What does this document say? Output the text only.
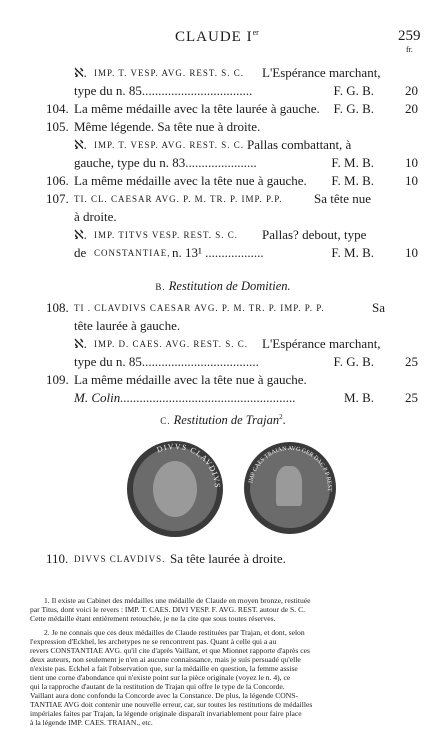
CLAUDE Ier	259
fr.
ℵ. IMP. T. VESP. AVG. REST. S. C. L'Espérance marchant,
type du n. 85..................................	F. G. B. 20
104. La même médaille avec la tête laurée à gauche. F. G. B. 20
105. Même légende. Sa tête nue à droite.
ℵ. IMP. T. VESP. AVG. REST. S. C. Pallas combattant, à
gauche, type du n. 83......................	F. M. B. 10
106. La même médaille avec la tête nue à gauche. F. M. B. 10
107. TI. CL. CAESAR AVG. P. M. TR. P. IMP. P.P. Sa tête nue
à droite.
ℵ. IMP. TITVS VESP. REST. S. C. Pallas? debout, type
de CONSTANTIAE, n. 13¹ ..................	F. M. B. 10
B. Restitution de Domitien.
108. TI . CLAVDIVS CAESAR AVG. P. M. TR. P. IMP. P. P.	Sa
tête laurée à gauche.
ℵ. IMP. D. CAES. AVG. REST. S. C. L'Espérance marchant,
type du n. 85....................................	F. G. B. 25
109. La même médaille avec la tête nue à gauche.
M. Colin......................................................	M. B. 25
C. Restitution de Trajan$^2$.
DIVVS CLAVDIVS
IMP CAES TRAIAN AVG GER DAC P P REST
110. DIVVS CLAVDIVS. Sa tête laurée à droite.
1. Il existe au Cabinet des médailles une médaille de Claude en moyen bronze, restituée
par Titus, dont voici le revers : IMP. T. CAES. DIVI VESP. F. AVG. REST. autour de S. C.
Cette médaille étant entièrement retouchée, je ne la cite que sous toutes réserves.
2. Je ne connais que ces deux médailles de Claude restituées par Trajan, et dont, selon
l'expression d'Eckhel, les archetypes ne se rencontrent pas. Quant à celle qui a au
revers CONSTANTIAE AVG. qu'il cite d'après Vaillant, et que Mionnet rapporte d'après ces
deux auteurs, non seulement je n'en ai aucune connaissance, mais je suis persuadé qu'elle
n'existe pas. Eckhel a fait l'observation que, sur la médaille en question, la femme assise
tient une corne d'abondance qui n'existe point sur la pièce originale (voyez le n. 4), ce
qui la rapproche d'autant de la restitution de Trajan qui offre le type de la Concorde.
Vaillant aura donc confondu la Concorde avec la Constance. De plus, la légende CONS-
TANTIAE AVG doit contenir une nouvelle erreur, car, sur toutes les restitutions de médailles
impériales faites par Trajan, la légende originale disparaît invariablement pour faire place
à la légende IMP. CAES. TRAIAN., etc.
